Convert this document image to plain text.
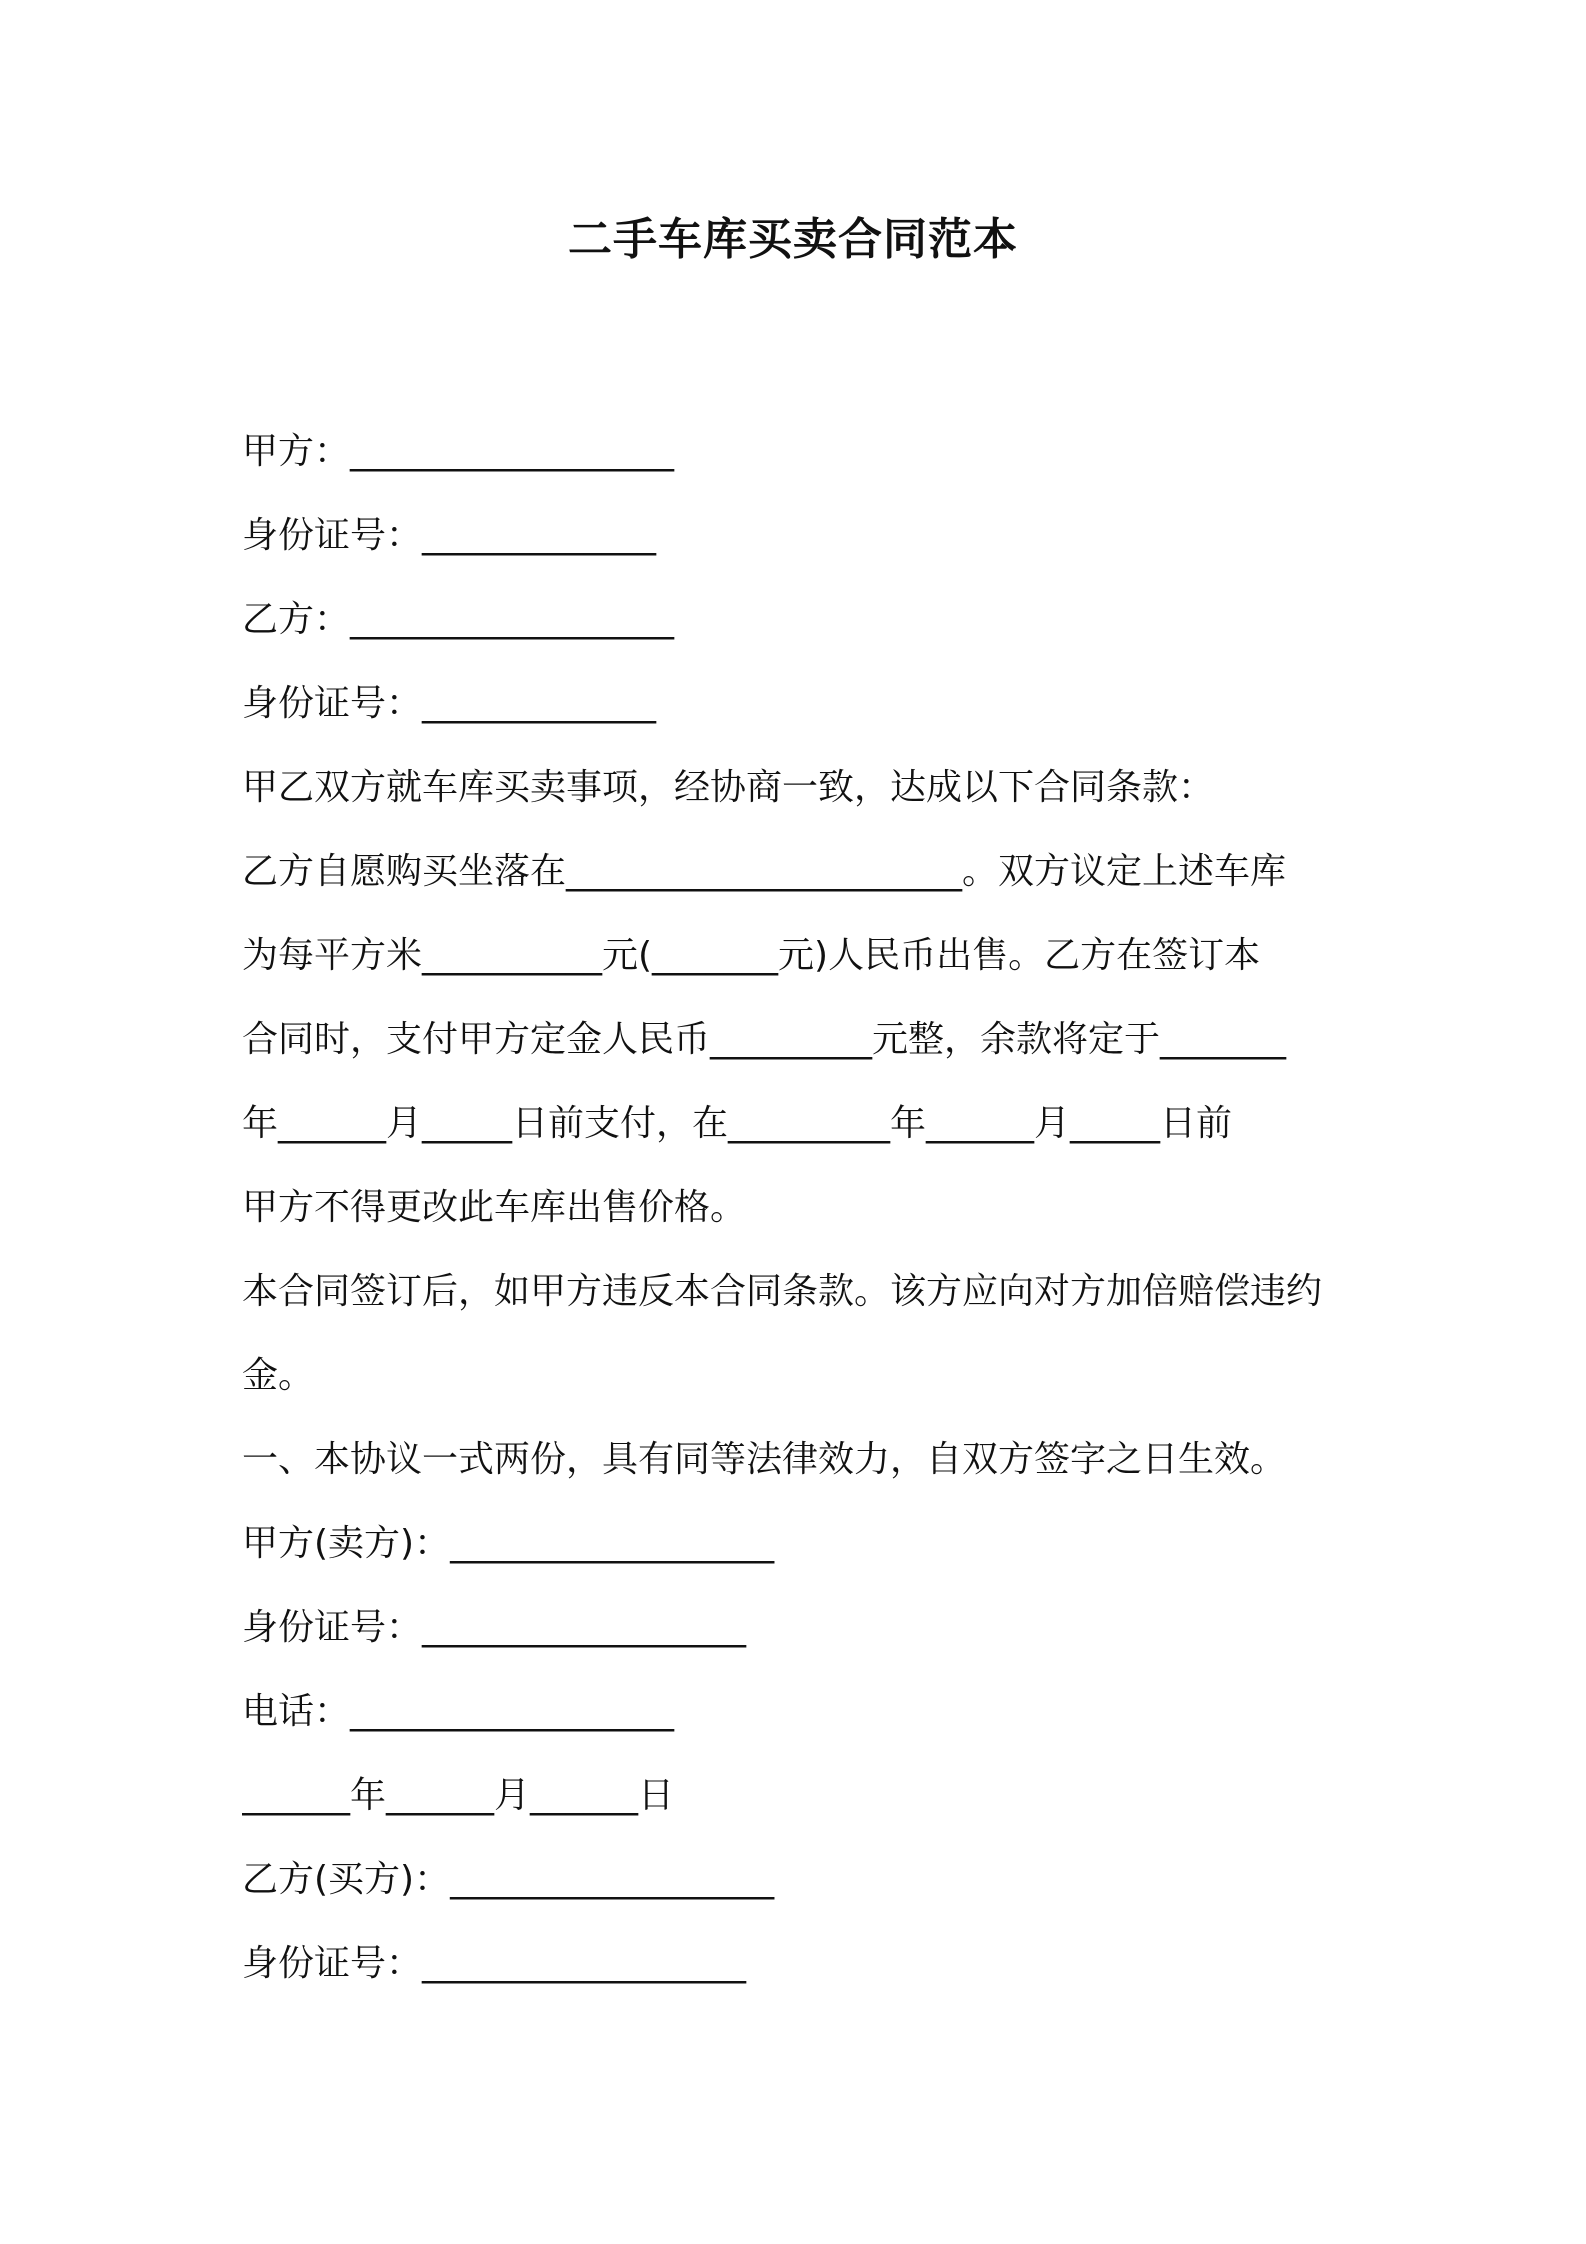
二手车库买卖合同范本
甲方：__________________
身份证号：_____________
乙方：__________________
身份证号：_____________
甲乙双方就车库买卖事项，经协商一致，达成以下合同条款：
乙方自愿购买坐落在______________________。双方议定上述车库
为每平方米__________元(_______元)人民币出售。乙方在签订本
合同时，支付甲方定金人民币_________元整，余款将定于_______
年______月_____日前支付，在_________年______月_____日前
甲方不得更改此车库出售价格。
本合同签订后，如甲方违反本合同条款。该方应向对方加倍赔偿违约
金。
一、本协议一式两份，具有同等法律效力，自双方签字之日生效。
甲方(卖方)：__________________
身份证号：__________________
电话：__________________
______年______月______日
乙方(买方)：__________________
身份证号：__________________
